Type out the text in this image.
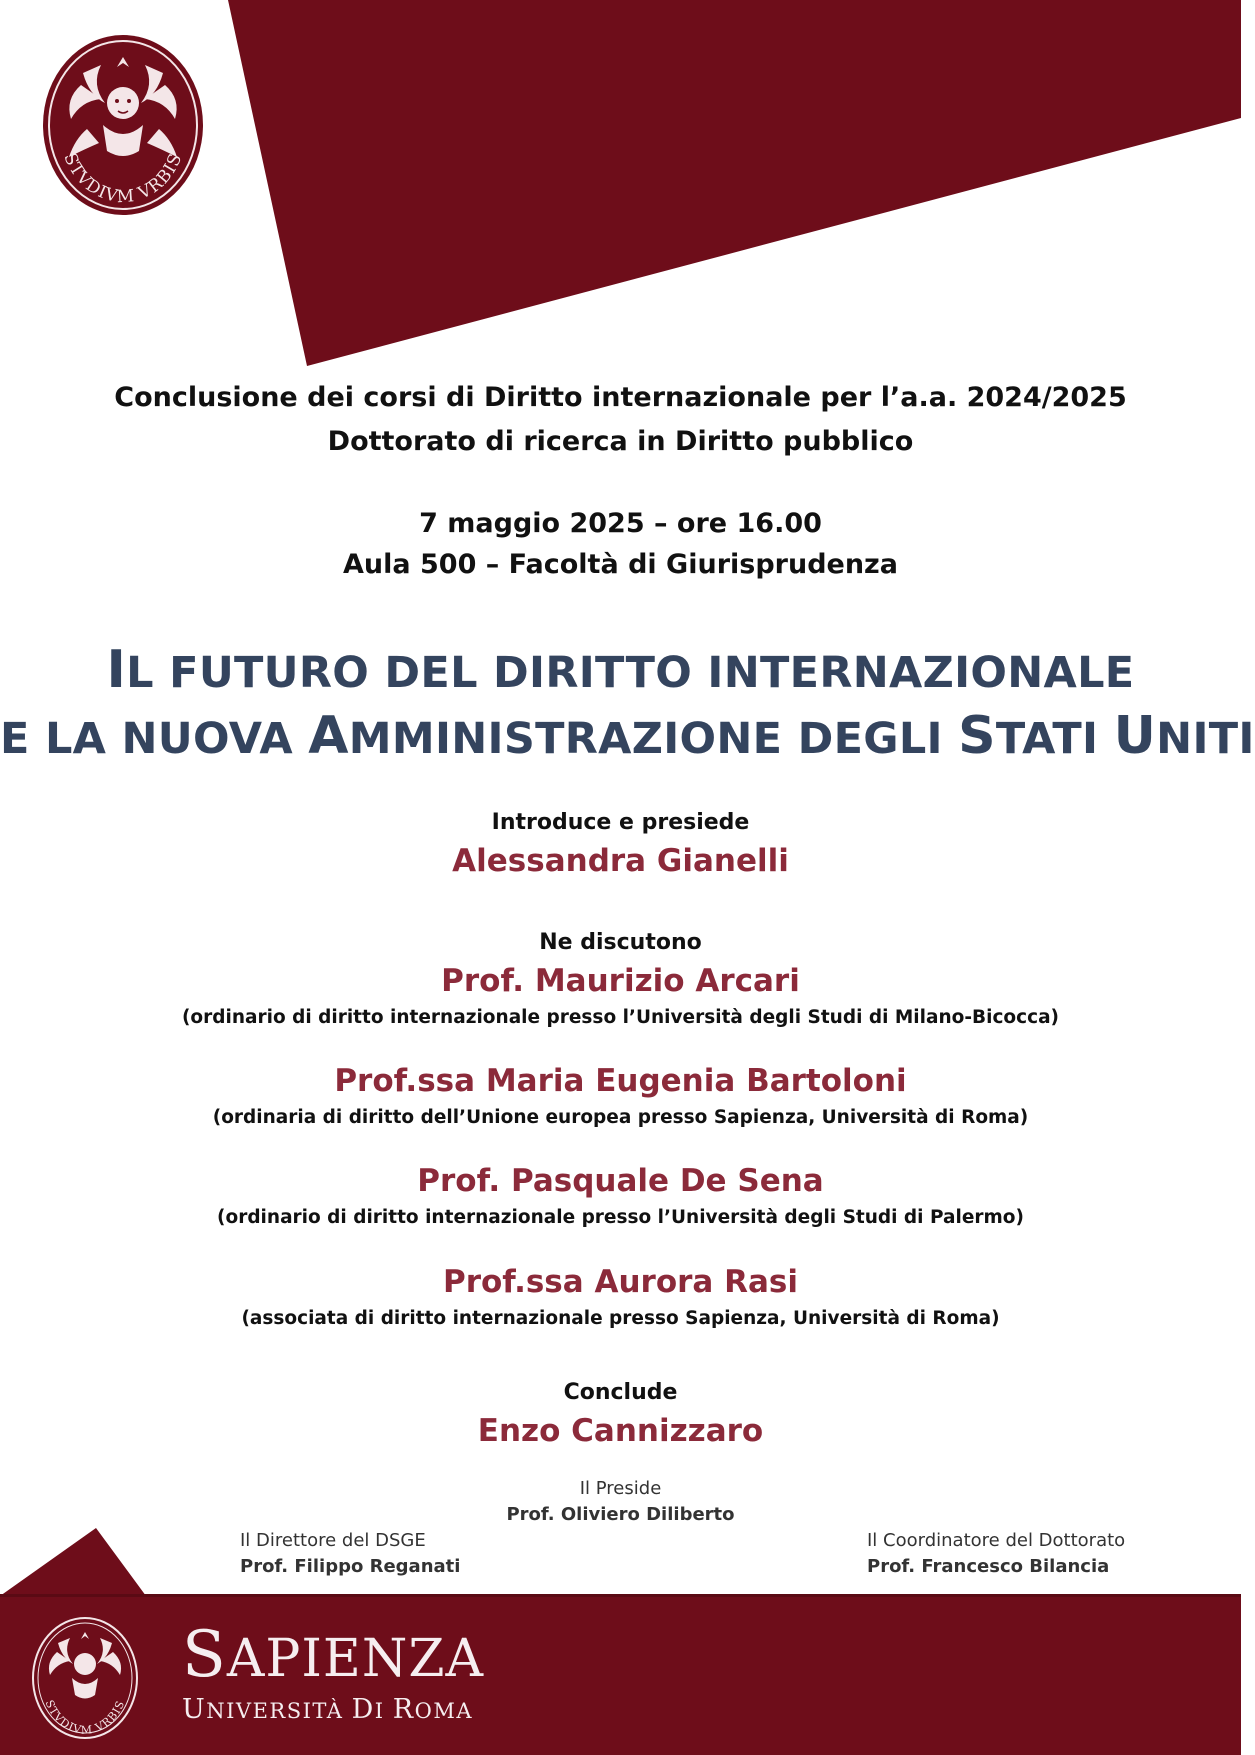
STVDIVM VRBIS
Conclusione dei corsi di Diritto internazionale per l’a.a. 2024/2025
Dottorato di ricerca in Diritto pubblico
7 maggio 2025 – ore 16.00
Aula 500 – Facoltà di Giurisprudenza
IL FUTURO DEL DIRITTO INTERNAZIONALE
E LA NUOVA AMMINISTRAZIONE DEGLI STATI UNITI
Introduce e presiede
Alessandra Gianelli
Ne discutono
Prof. Maurizio Arcari
(ordinario di diritto internazionale presso l’Università degli Studi di Milano-Bicocca)
Prof.ssa Maria Eugenia Bartoloni
(ordinaria di diritto dell’Unione europea presso Sapienza, Università di Roma)
Prof. Pasquale De Sena
(ordinario di diritto internazionale presso l’Università degli Studi di Palermo)
Prof.ssa Aurora Rasi
(associata di diritto internazionale presso Sapienza, Università di Roma)
Conclude
Enzo Cannizzaro
Il Preside
Prof. Oliviero Diliberto
Il Direttore del DSGE
Prof. Filippo Reganati
Il Coordinatore del Dottorato
Prof. Francesco Bilancia
STVDIVM VRBIS
SAPIENZA
UNIVERSITÀ DI ROMA
